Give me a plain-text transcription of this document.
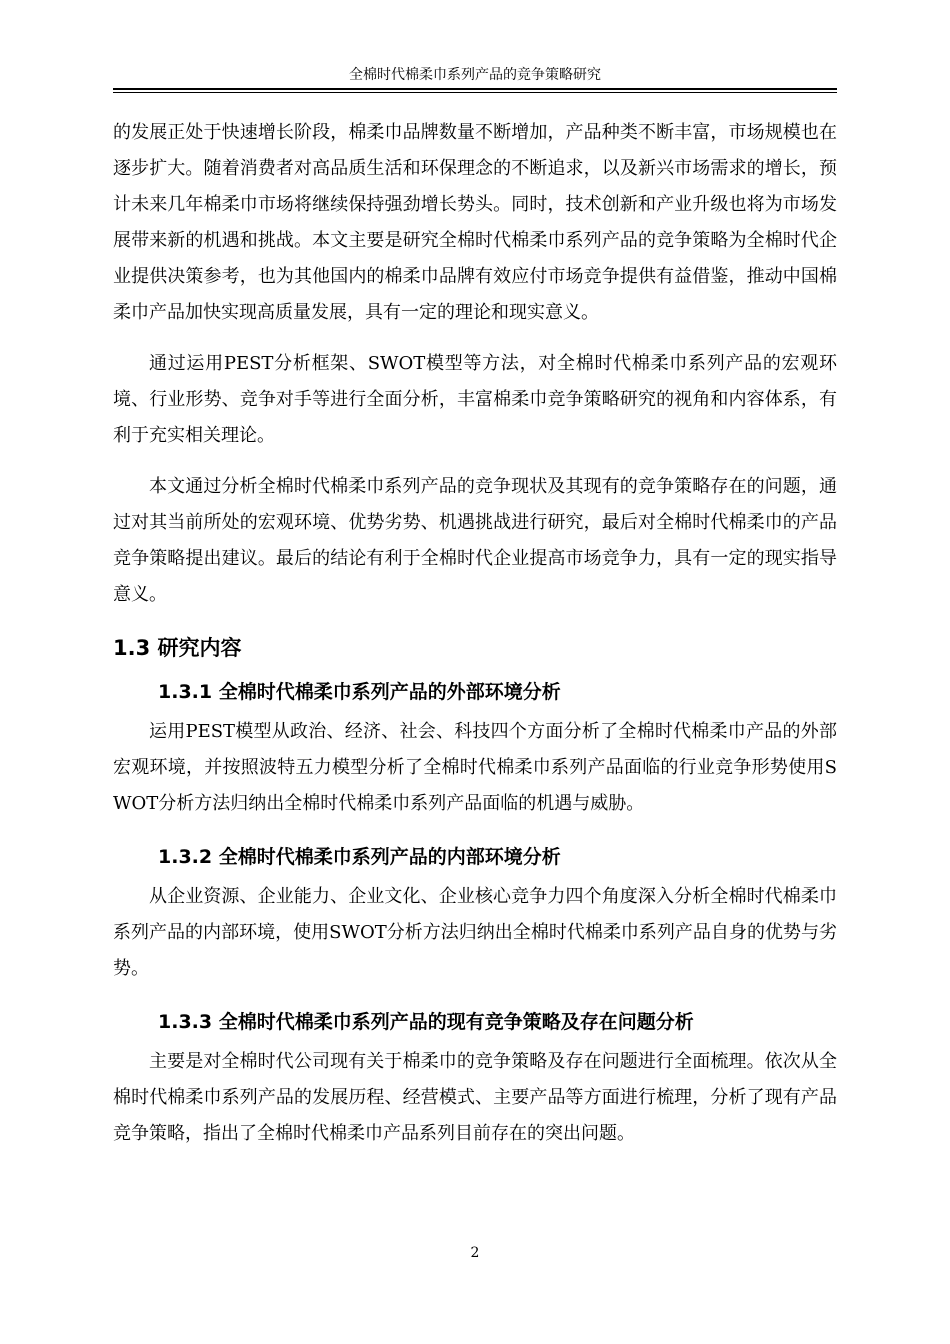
全棉时代棉柔巾系列产品的竞争策略研究

的发展正处于快速增长阶段，棉柔巾品牌数量不断增加，产品种类不断丰富，市场规模也在逐步扩大。随着消费者对高品质生活和环保理念的不断追求，以及新兴市场需求的增长，预计未来几年棉柔巾市场将继续保持强劲增长势头。同时，技术创新和产业升级也将为市场发展带来新的机遇和挑战。本文主要是研究全棉时代棉柔巾系列产品的竞争策略为全棉时代企业提供决策参考，也为其他国内的棉柔巾品牌有效应付市场竞争提供有益借鉴，推动中国棉柔巾产品加快实现高质量发展，具有一定的理论和现实意义。

通过运用PEST分析框架、SWOT模型等方法，对全棉时代棉柔巾系列产品的宏观环境、行业形势、竞争对手等进行全面分析，丰富棉柔巾竞争策略研究的视角和内容体系，有利于充实相关理论。

本文通过分析全棉时代棉柔巾系列产品的竞争现状及其现有的竞争策略存在的问题，通过对其当前所处的宏观环境、优势劣势、机遇挑战进行研究，最后对全棉时代棉柔巾的产品竞争策略提出建议。最后的结论有利于全棉时代企业提高市场竞争力，具有一定的现实指导意义。

1.3 研究内容
1.3.1 全棉时代棉柔巾系列产品的外部环境分析

运用PEST模型从政治、经济、社会、科技四个方面分析了全棉时代棉柔巾产品的外部宏观环境，并按照波特五力模型分析了全棉时代棉柔巾系列产品面临的行业竞争形势使用SWOT分析方法归纳出全棉时代棉柔巾系列产品面临的机遇与威胁。

1.3.2 全棉时代棉柔巾系列产品的内部环境分析

从企业资源、企业能力、企业文化、企业核心竞争力四个角度深入分析全棉时代棉柔巾系列产品的内部环境，使用SWOT分析方法归纳出全棉时代棉柔巾系列产品自身的优势与劣势。

1.3.3 全棉时代棉柔巾系列产品的现有竞争策略及存在问题分析

主要是对全棉时代公司现有关于棉柔巾的竞争策略及存在问题进行全面梳理。依次从全棉时代棉柔巾系列产品的发展历程、经营模式、主要产品等方面进行梳理，分析了现有产品竞争策略，指出了全棉时代棉柔巾产品系列目前存在的突出问题。

2
